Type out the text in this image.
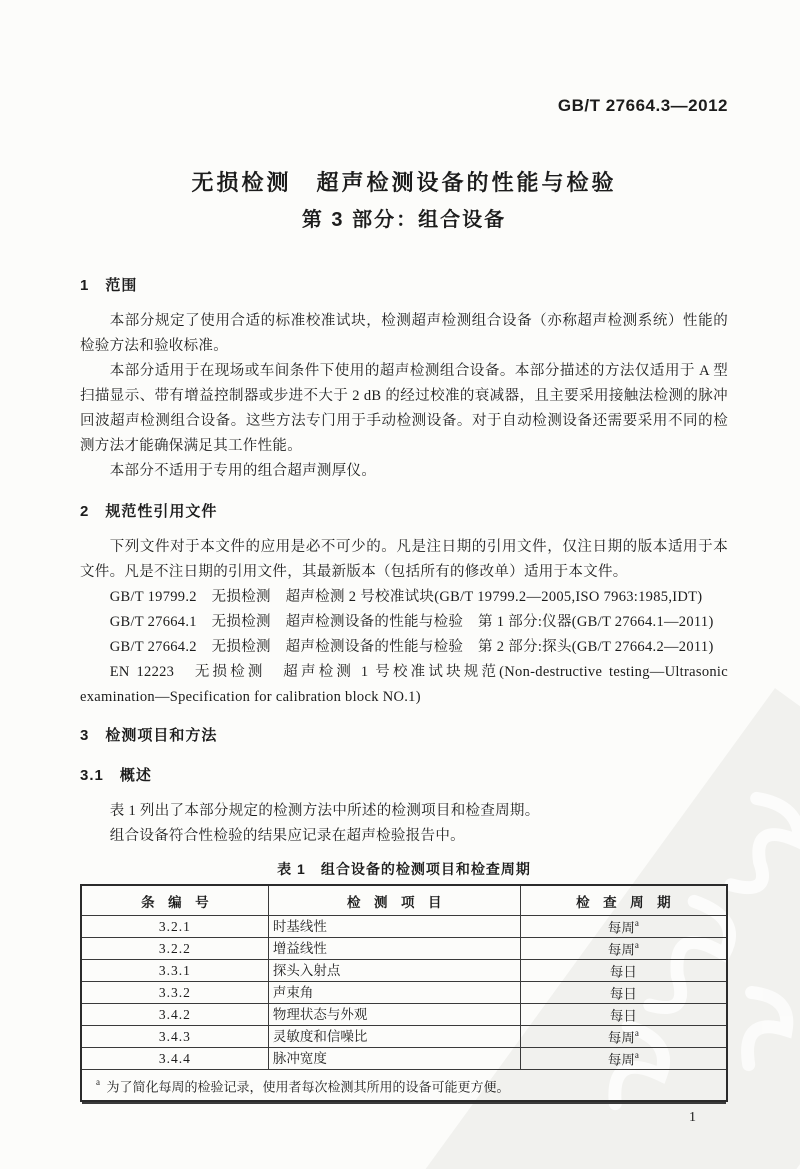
GB/T 27664.3—2012
无损检测　超声检测设备的性能与检验
第 3 部分：组合设备
1　范围

本部分规定了使用合适的标准校准试块，检测超声检测组合设备（亦称超声检测系统）性能的检验方法和验收标准。

本部分适用于在现场或车间条件下使用的超声检测组合设备。本部分描述的方法仅适用于 A 型扫描显示、带有增益控制器或步进不大于 2 dB 的经过校准的衰减器，且主要采用接触法检测的脉冲回波超声检测组合设备。这些方法专门用于手动检测设备。对于自动检测设备还需要采用不同的检测方法才能确保满足其工作性能。

本部分不适用于专用的组合超声测厚仪。

2　规范性引用文件

下列文件对于本文件的应用是必不可少的。凡是注日期的引用文件，仅注日期的版本适用于本文件。凡是不注日期的引用文件，其最新版本（包括所有的修改单）适用于本文件。

GB/T 19799.2　无损检测　超声检测 2 号校准试块(GB/T 19799.2—2005,ISO 7963:1985,IDT)

GB/T 27664.1　无损检测　超声检测设备的性能与检验　第 1 部分:仪器(GB/T 27664.1—2011)

GB/T 27664.2　无损检测　超声检测设备的性能与检验　第 2 部分:探头(GB/T 27664.2—2011)

EN 12223　无损检测　超声检测 1 号校准试块规范(Non-destructive testing—Ultrasonic examination—Specification for calibration block NO.1)

3　检测项目和方法
3.1　概述

表 1 列出了本部分规定的检测方法中所述的检测项目和检查周期。

组合设备符合性检验的结果应记录在超声检验报告中。

表 1　组合设备的检测项目和检查周期
条　编　号	检　测　项　目	检　查　周　期
3.2.1	时基线性	每周$^a$
3.2.2	增益线性	每周$^a$
3.3.1	探头入射点	每日
3.3.2	声束角	每日
3.4.2	物理状态与外观	每日
3.4.3	灵敏度和信噪比	每周$^a$
3.4.4	脉冲宽度	每周$^a$
$^a$ 为了简化每周的检验记录，使用者每次检测其所用的设备可能更方便。		
1
